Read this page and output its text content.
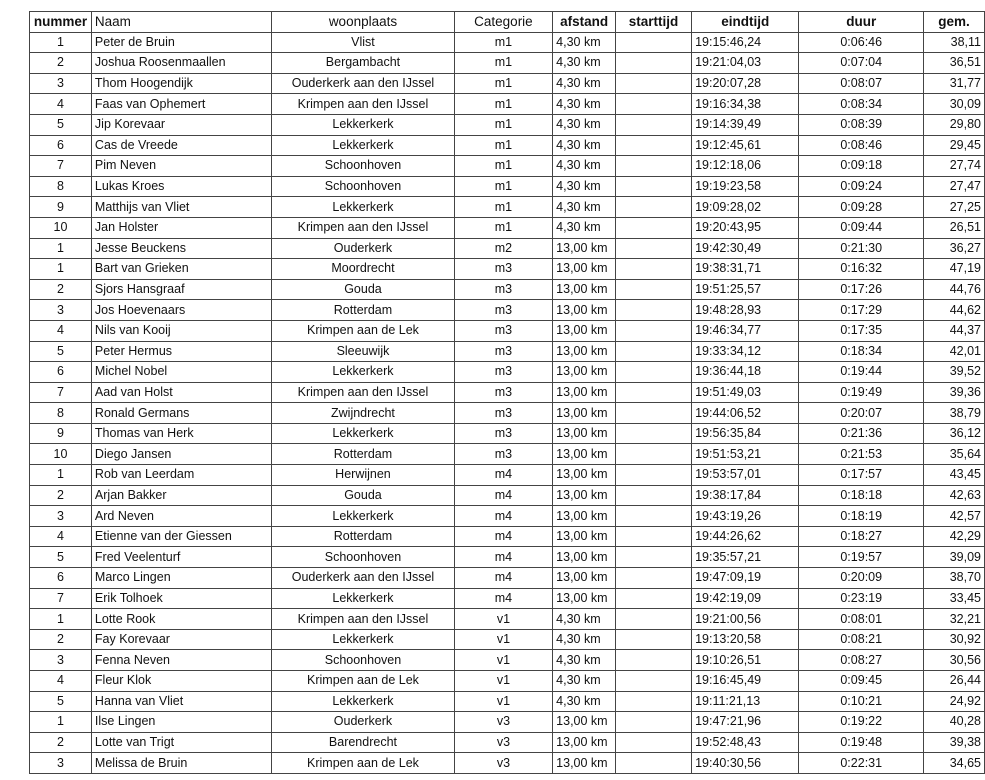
nummer	Naam	woonplaats	Categorie	afstand	starttijd	eindtijd	duur	gem.
1	Peter de Bruin	Vlist	m1	4,30 km		19:15:46,24	0:06:46	38,11
2	Joshua Roosenmaallen	Bergambacht	m1	4,30 km		19:21:04,03	0:07:04	36,51
3	Thom Hoogendijk	Ouderkerk aan den IJssel	m1	4,30 km		19:20:07,28	0:08:07	31,77
4	Faas van Ophemert	Krimpen aan den IJssel	m1	4,30 km		19:16:34,38	0:08:34	30,09
5	Jip Korevaar	Lekkerkerk	m1	4,30 km		19:14:39,49	0:08:39	29,80
6	Cas de Vreede	Lekkerkerk	m1	4,30 km		19:12:45,61	0:08:46	29,45
7	Pim Neven	Schoonhoven	m1	4,30 km		19:12:18,06	0:09:18	27,74
8	Lukas Kroes	Schoonhoven	m1	4,30 km		19:19:23,58	0:09:24	27,47
9	Matthijs van Vliet	Lekkerkerk	m1	4,30 km		19:09:28,02	0:09:28	27,25
10	Jan Holster	Krimpen aan den IJssel	m1	4,30 km		19:20:43,95	0:09:44	26,51
1	Jesse Beuckens	Ouderkerk	m2	13,00 km		19:42:30,49	0:21:30	36,27
1	Bart van Grieken	Moordrecht	m3	13,00 km		19:38:31,71	0:16:32	47,19
2	Sjors Hansgraaf	Gouda	m3	13,00 km		19:51:25,57	0:17:26	44,76
3	Jos Hoevenaars	Rotterdam	m3	13,00 km		19:48:28,93	0:17:29	44,62
4	Nils van Kooij	Krimpen aan de Lek	m3	13,00 km		19:46:34,77	0:17:35	44,37
5	Peter Hermus	Sleeuwijk	m3	13,00 km		19:33:34,12	0:18:34	42,01
6	Michel Nobel	Lekkerkerk	m3	13,00 km		19:36:44,18	0:19:44	39,52
7	Aad van Holst	Krimpen aan den IJssel	m3	13,00 km		19:51:49,03	0:19:49	39,36
8	Ronald Germans	Zwijndrecht	m3	13,00 km		19:44:06,52	0:20:07	38,79
9	Thomas van Herk	Lekkerkerk	m3	13,00 km		19:56:35,84	0:21:36	36,12
10	Diego Jansen	Rotterdam	m3	13,00 km		19:51:53,21	0:21:53	35,64
1	Rob van Leerdam	Herwijnen	m4	13,00 km		19:53:57,01	0:17:57	43,45
2	Arjan Bakker	Gouda	m4	13,00 km		19:38:17,84	0:18:18	42,63
3	Ard Neven	Lekkerkerk	m4	13,00 km		19:43:19,26	0:18:19	42,57
4	Etienne van der Giessen	Rotterdam	m4	13,00 km		19:44:26,62	0:18:27	42,29
5	Fred Veelenturf	Schoonhoven	m4	13,00 km		19:35:57,21	0:19:57	39,09
6	Marco Lingen	Ouderkerk aan den IJssel	m4	13,00 km		19:47:09,19	0:20:09	38,70
7	Erik Tolhoek	Lekkerkerk	m4	13,00 km		19:42:19,09	0:23:19	33,45
1	Lotte Rook	Krimpen aan den IJssel	v1	4,30 km		19:21:00,56	0:08:01	32,21
2	Fay Korevaar	Lekkerkerk	v1	4,30 km		19:13:20,58	0:08:21	30,92
3	Fenna Neven	Schoonhoven	v1	4,30 km		19:10:26,51	0:08:27	30,56
4	Fleur Klok	Krimpen aan de Lek	v1	4,30 km		19:16:45,49	0:09:45	26,44
5	Hanna van Vliet	Lekkerkerk	v1	4,30 km		19:11:21,13	0:10:21	24,92
1	Ilse Lingen	Ouderkerk	v3	13,00 km		19:47:21,96	0:19:22	40,28
2	Lotte van Trigt	Barendrecht	v3	13,00 km		19:52:48,43	0:19:48	39,38
3	Melissa de Bruin	Krimpen aan de Lek	v3	13,00 km		19:40:30,56	0:22:31	34,65
